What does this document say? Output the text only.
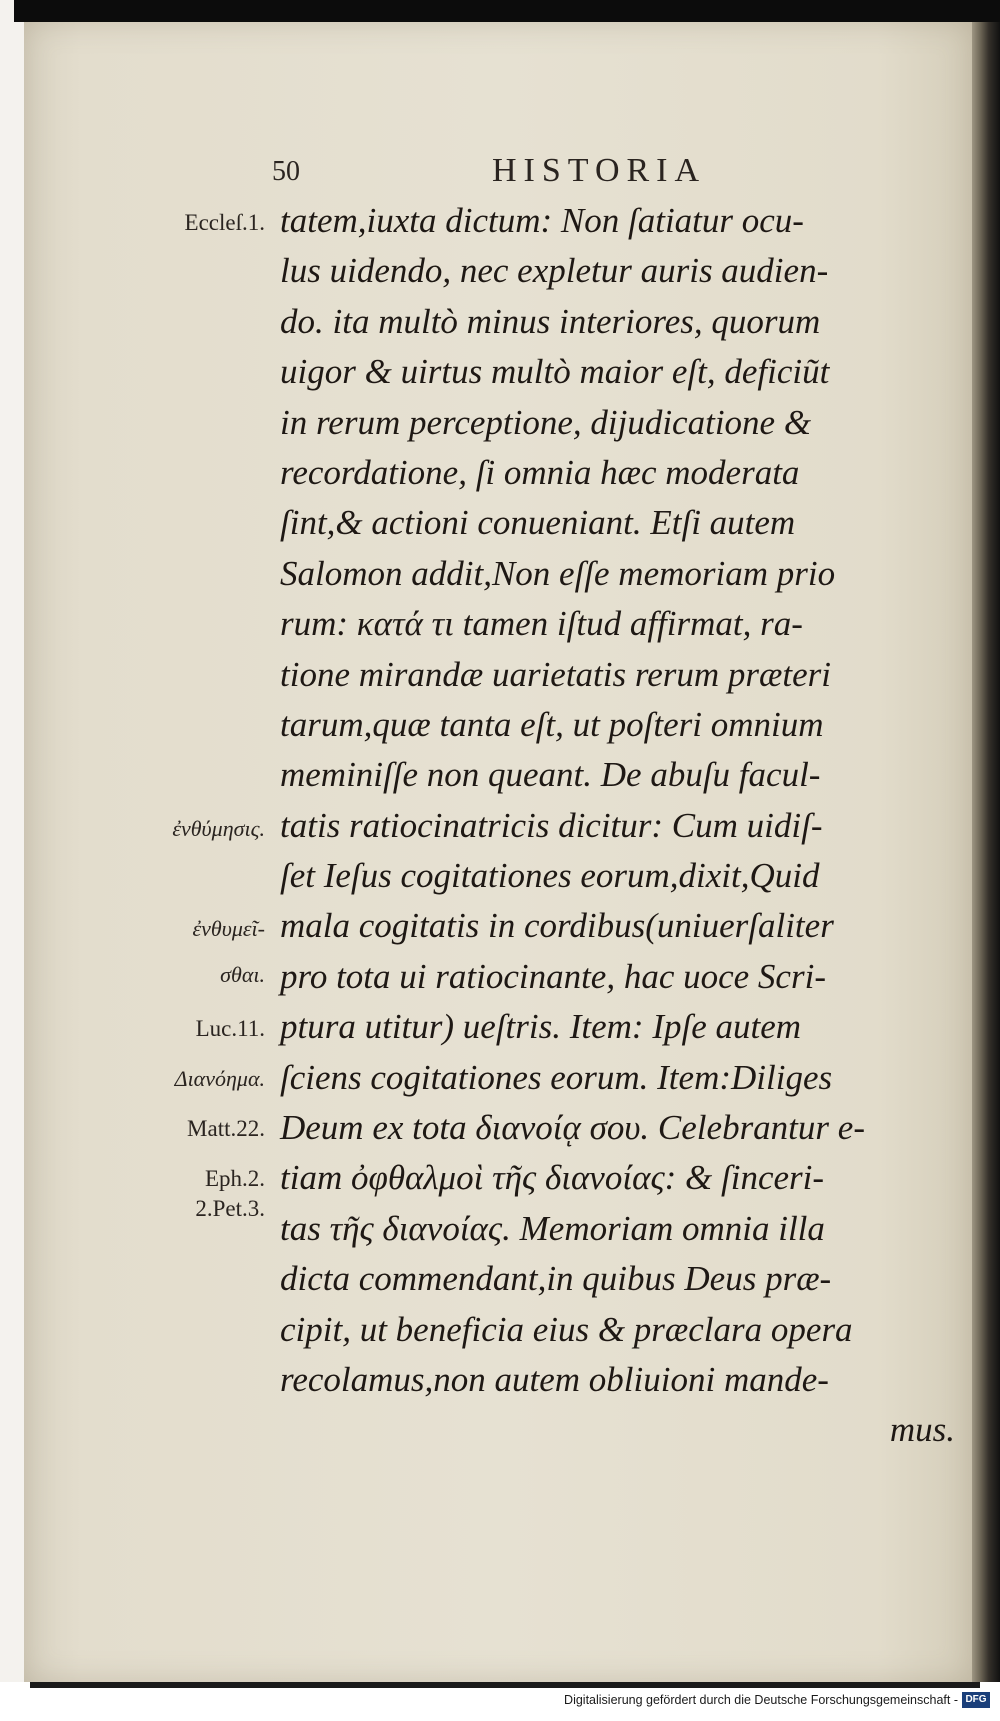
50	HISTORIA
Eccleſ.1.
ἐνθύμησις.
ἐνθυμεῖ-
σθαι.
Luc.11.
Διανόημα.
Matt.22.
Eph.2.
2.Pet.3.
tatem,iuxta dictum: Non ſatiatur ocu-
lus uidendo, nec expletur auris audien-
do. ita multò minus interiores, quorum
uigor & uirtus multò maior eſt, deficiũt
in rerum perceptione, dijudicatione &
recordatione, ſi omnia hæc moderata
ſint,& actioni conueniant. Etſi autem
Salomon addit,Non eſſe memoriam prio
rum: κατά τι tamen iſtud affirmat, ra-
tione mirandæ uarietatis rerum præteri
tarum,quæ tanta eſt, ut poſteri omnium
meminiſſe non queant. De abuſu facul-
tatis ratiocinatricis dicitur: Cum uidiſ-
ſet Ieſus cogitationes eorum,dixit,Quid
mala cogitatis in cordibus(uniuerſaliter
pro tota ui ratiocinante, hac uoce Scri-
ptura utitur) ueſtris. Item: Ipſe autem
ſciens cogitationes eorum. Item:Diliges
Deum ex tota διανοίᾳ σου. Celebrantur e-
tiam ὀφθαλμοὶ τῆς διανοίας: & ſinceri-
tas τῆς διανοίας. Memoriam omnia illa
dicta commendant,in quibus Deus præ-
cipit, ut beneficia eius & præclara opera
recolamus,non autem obliuioni mande-
mus.
Digitalisierung gefördert durch die Deutsche Forschungsgemeinschaft - DFG
